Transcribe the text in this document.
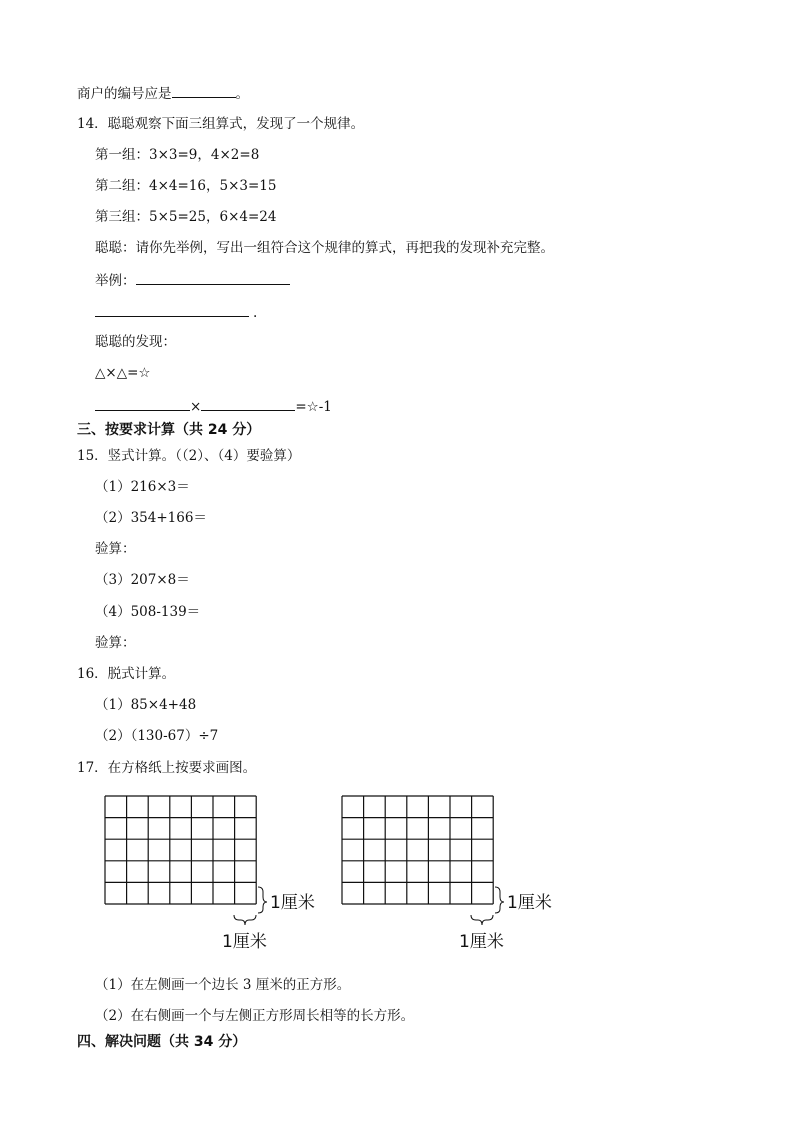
商户的编号应是	。
14．聪聪观察下面三组算式，发现了一个规律。
第一组：3×3=9，4×2=8
第二组：4×4=16，5×3=15
第三组：5×5=25，6×4=24
聪聪：请你先举例，写出一组符合这个规律的算式，再把我的发现补充完整。
举例：
.
聪聪的发现：
△×△=☆
×	=☆-1
三、按要求计算（共 24 分）
15．竖式计算。（（2）、（4）要验算）
（1）216×3＝
（2）354+166＝
验算：
（3）207×8＝
（4）508-139＝
验算：
16．脱式计算。
（1）85×4+48
（2）（130-67）÷7
17．在方格纸上按要求画图。
1厘米
1厘米
1厘米
1厘米
（1）在左侧画一个边长 3 厘米的正方形。
（2）在右侧画一个与左侧正方形周长相等的长方形。
四、解决问题（共 34 分）
